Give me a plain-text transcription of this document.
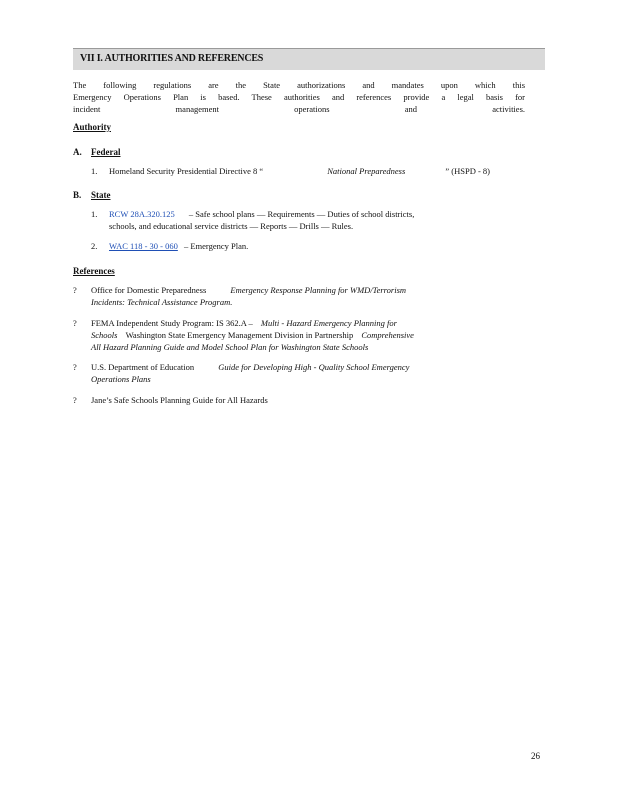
VII I. AUTHORITIES AND REFERENCES
The following regulations are the State authorizations and mandates upon which this
Emergency Operations Plan is based. These authorities and references provide a legal basis for
incident management operations and activities.
Authority
A. Federal
1. Homeland Security Presidential Directive 8 “	National Preparedness	” (HSPD - 8)
B. State
1. RCW 28A.320.125 – Safe school plans — Requirements — Duties of school districts,
schools, and educational service districts — Reports — Drills — Rules.
2. WAC 118 - 30 - 060 – Emergency Plan.
References
? Office for Domestic Preparedness	Emergency Response Planning for WMD/Terrorism
Incidents: Technical Assistance Program.
? FEMA Independent Study Program: IS 362.A – Multi - Hazard Emergency Planning for
Schools Washington State Emergency Management Division in Partnership Comprehensive
All Hazard Planning Guide and Model School Plan for Washington State Schools
? U.S. Department of Education	Guide for Developing High - Quality School Emergency
Operations Plans
? Jane’s Safe Schools Planning Guide for All Hazards
26
